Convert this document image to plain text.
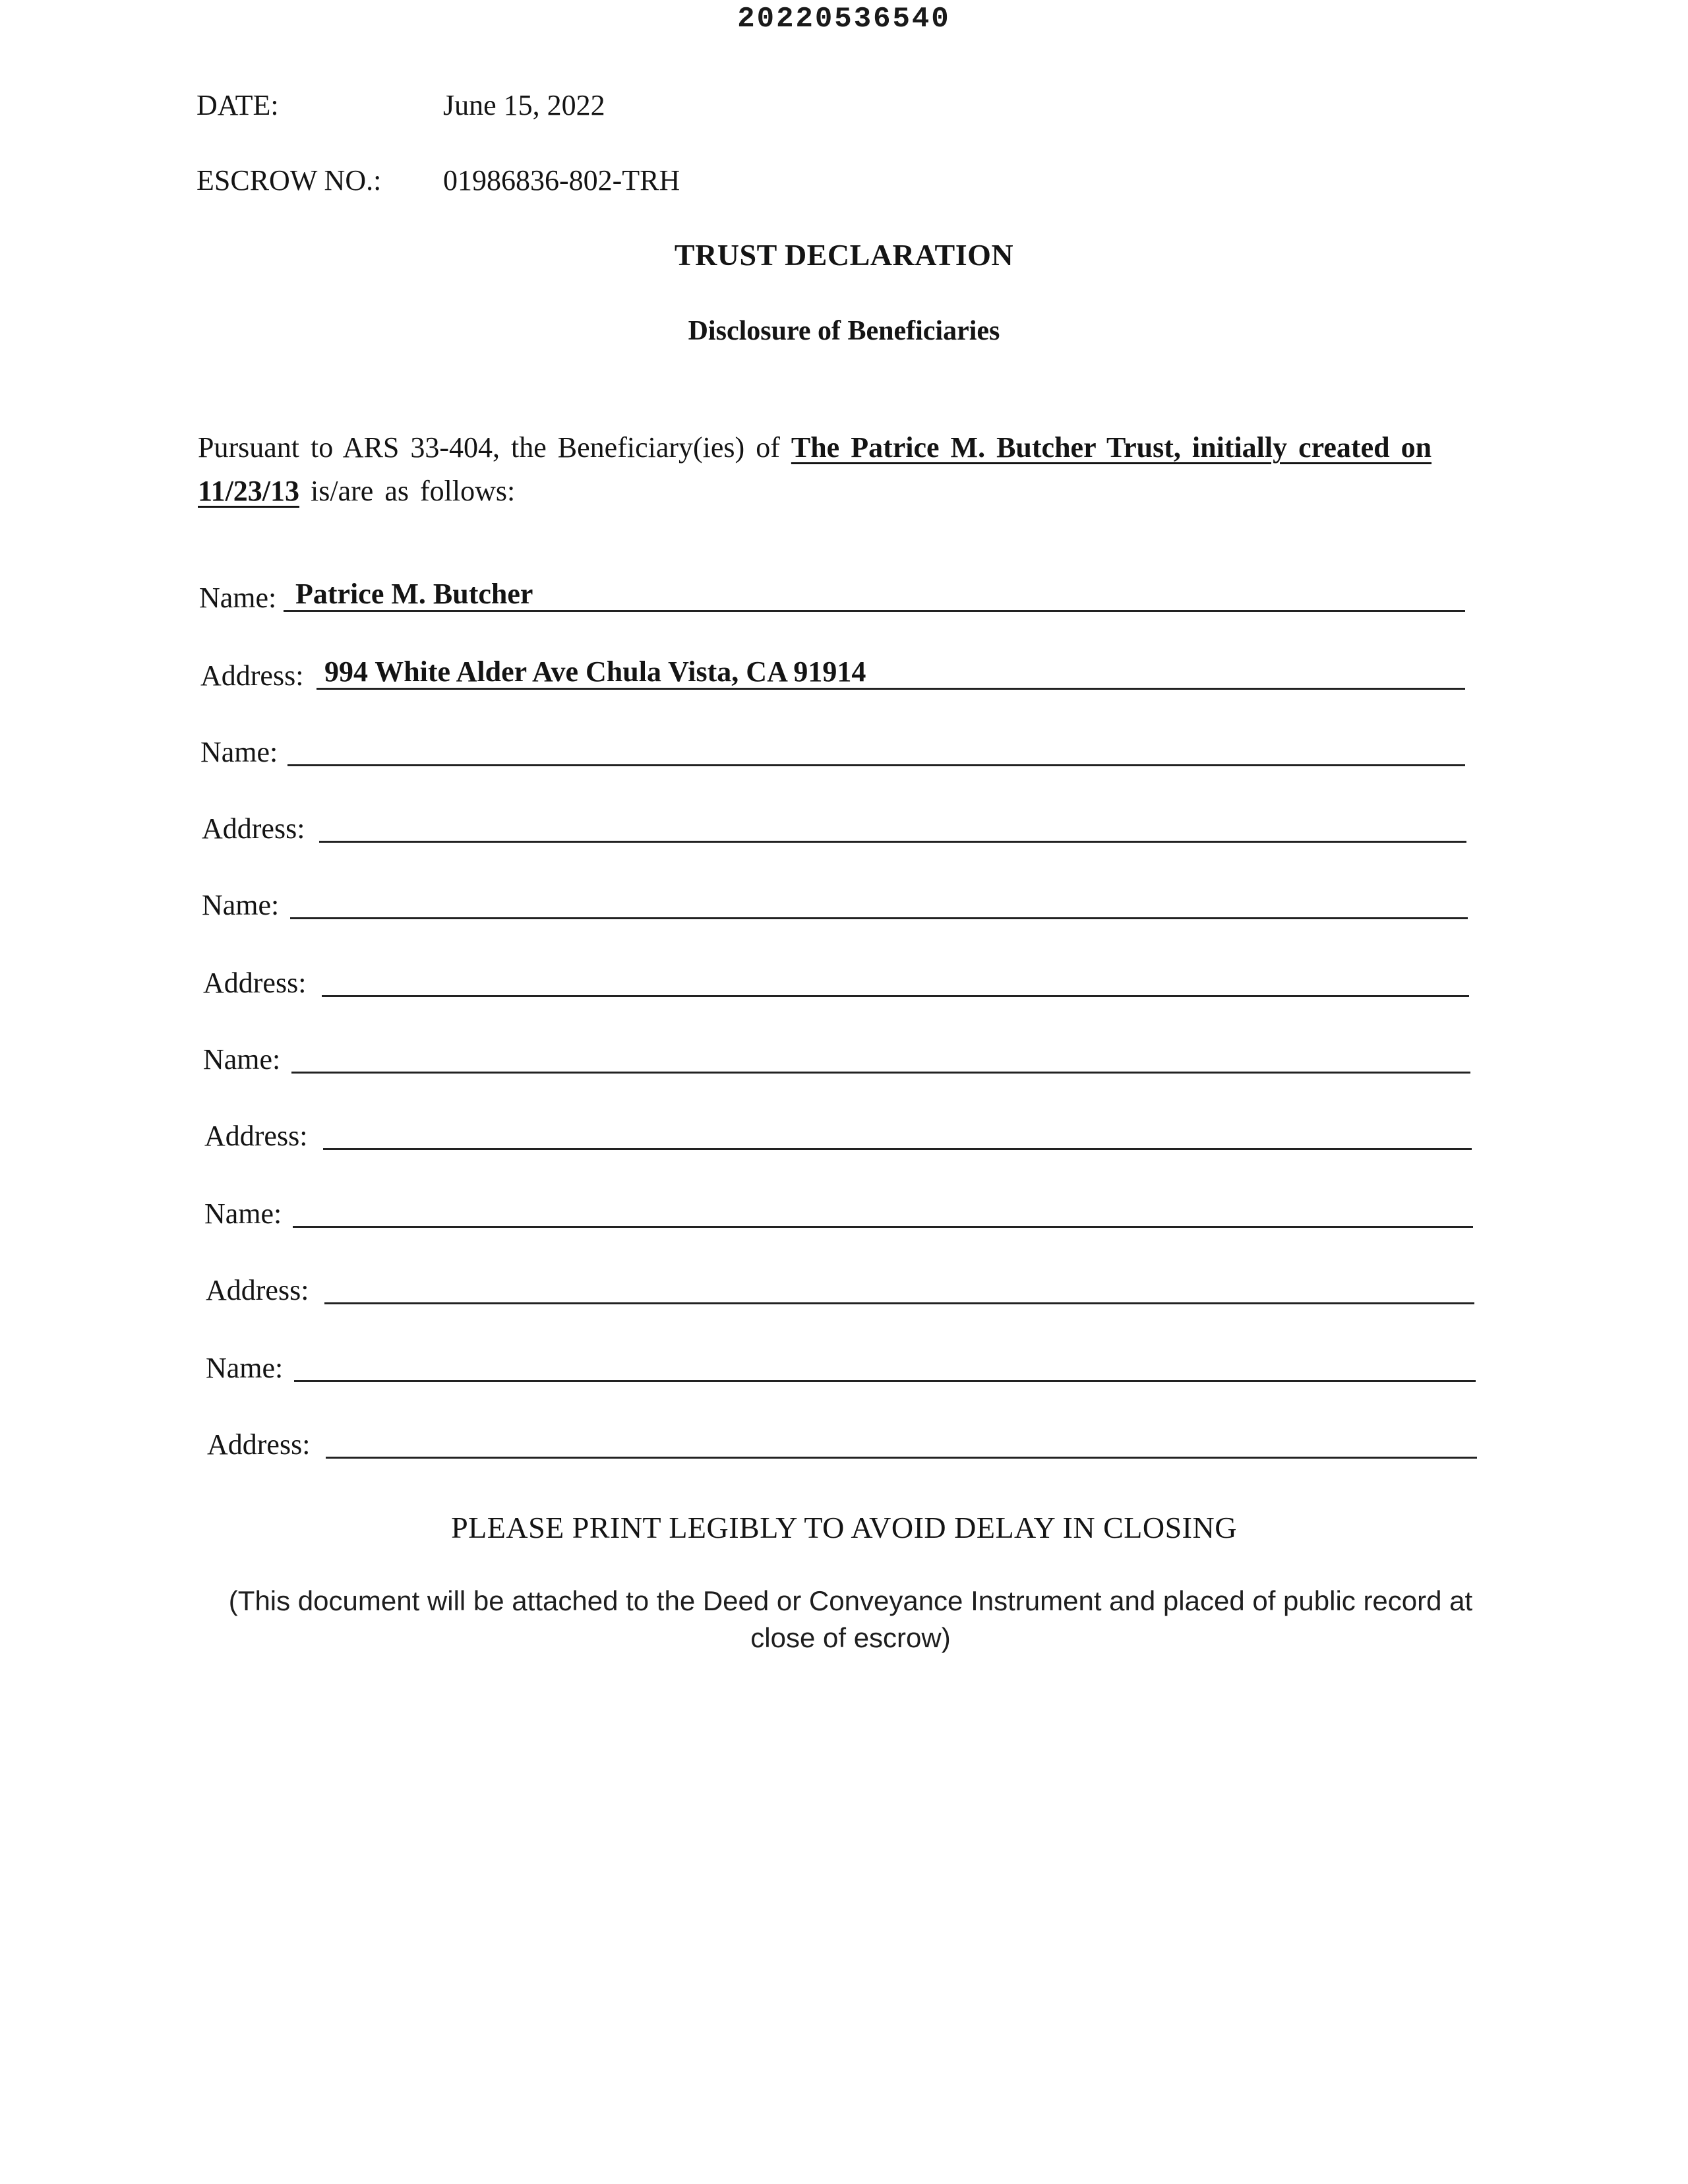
20220536540
DATE:	June 15, 2022
ESCROW NO.: 01986836-802-TRH
TRUST DECLARATION
Disclosure of Beneficiaries
Pursuant to ARS 33-404, the Beneficiary(ies) of The Patrice M. Butcher Trust, initially created on 11/23/13 is/are as follows:
Name: Patrice M. Butcher
Address: 994 White Alder Ave Chula Vista, CA 91914
Name:
Address:
Name:
Address:
Name:
Address:
Name:
Address:
Name:
Address:
PLEASE PRINT LEGIBLY TO AVOID DELAY IN CLOSING
(This document will be attached to the Deed or Conveyance Instrument and placed of public record at close of escrow)
